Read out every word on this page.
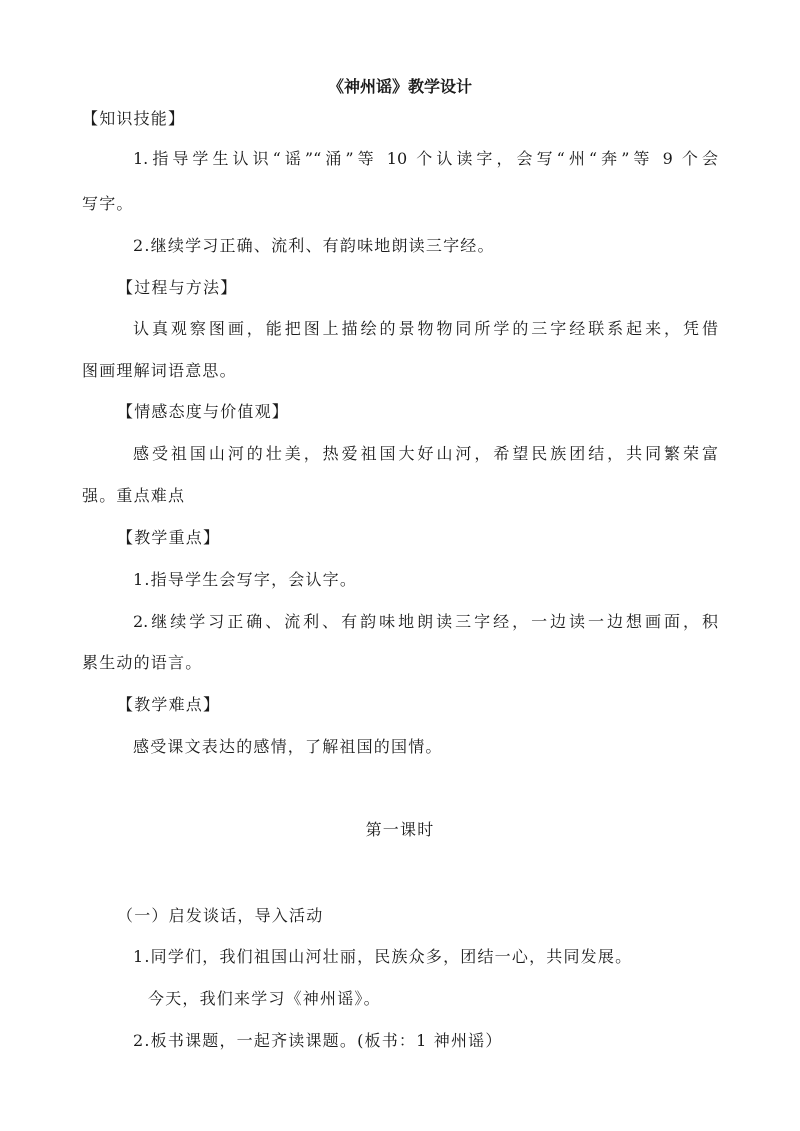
《神州谣》教学设计
【知识技能】
1.指导学生认识“谣”“涌”等 10 个认读字，会写“州“奔”等 9 个会
写字。
2.继续学习正确、流利、有韵味地朗读三字经。
【过程与方法】
认真观察图画，能把图上描绘的景物物同所学的三字经联系起来，凭借
图画理解词语意思。
【情感态度与价值观】
感受祖国山河的壮美，热爱祖国大好山河，希望民族团结，共同繁荣富
强。重点难点
【教学重点】
1.指导学生会写字，会认字。
2.继续学习正确、流利、有韵味地朗读三字经，一边读一边想画面，积
累生动的语言。
【教学难点】
感受课文表达的感情，了解祖国的国情。
第一课时
（一）启发谈话，导入活动
1.同学们，我们祖国山河壮丽，民族众多，团结一心，共同发展。
今天，我们来学习《神州谣》。
2.板书课题，一起齐读课题。(板书：1 神州谣）
